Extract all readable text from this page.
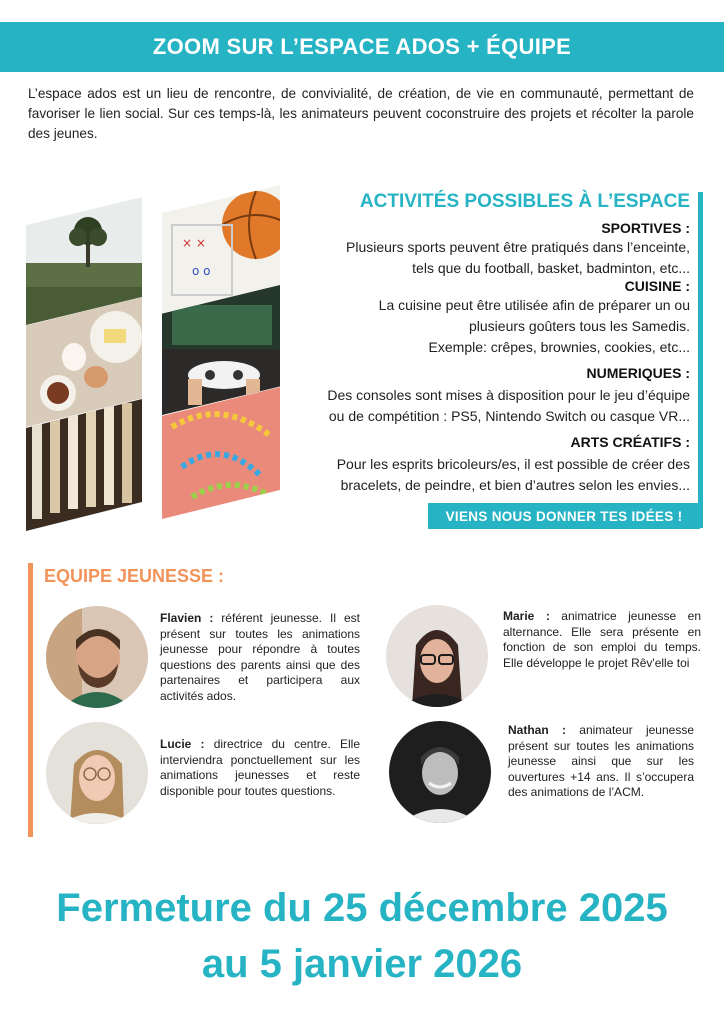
ZOOM SUR L’ESPACE ADOS + ÉQUIPE

L’espace ados est un lieu de rencontre, de convivialité, de création, de vie en communauté, permettant de favoriser le lien social. Sur ces temps-là, les animateurs peuvent coconstruire des projets et récolter la parole des jeunes.

× ×
o o
ACTIVITÉS POSSIBLES À L’ESPACE
SPORTIVES :
Plusieurs sports peuvent être pratiqués dans l’enceinte,
tels que du football, basket, badminton, etc...
CUISINE :
La cuisine peut être utilisée afin de préparer un ou
plusieurs goûters tous les Samedis.
Exemple: crêpes, brownies, cookies, etc...
NUMERIQUES :
Des consoles sont mises à disposition pour le jeu d’équipe
ou de compétition : PS5, Nintendo Switch ou casque VR...
ARTS CRÉATIFS :
Pour les esprits bricoleurs/es, il est possible de créer des
bracelets, de peindre, et bien d’autres selon les envies...
VIENS NOUS DONNER TES IDÉES !
EQUIPE JEUNESSE :
Flavien : référent jeunesse. Il est présent sur toutes les animations jeunesse pour répondre à toutes questions des parents ainsi que des partenaires et participera aux activités ados.
Marie : animatrice jeunesse en alternance. Elle sera présente en fonction de son emploi du temps. Elle développe le projet Rêv'elle toi
Lucie : directrice du centre. Elle interviendra ponctuellement sur les animations jeunesses et reste disponible pour toutes questions.
Nathan : animateur jeunesse présent sur toutes les animations jeunesse ainsi que sur les ouvertures +14 ans. Il s’occupera des animations de l’ACM.
Fermeture du 25 décembre 2025
au 5 janvier 2026
